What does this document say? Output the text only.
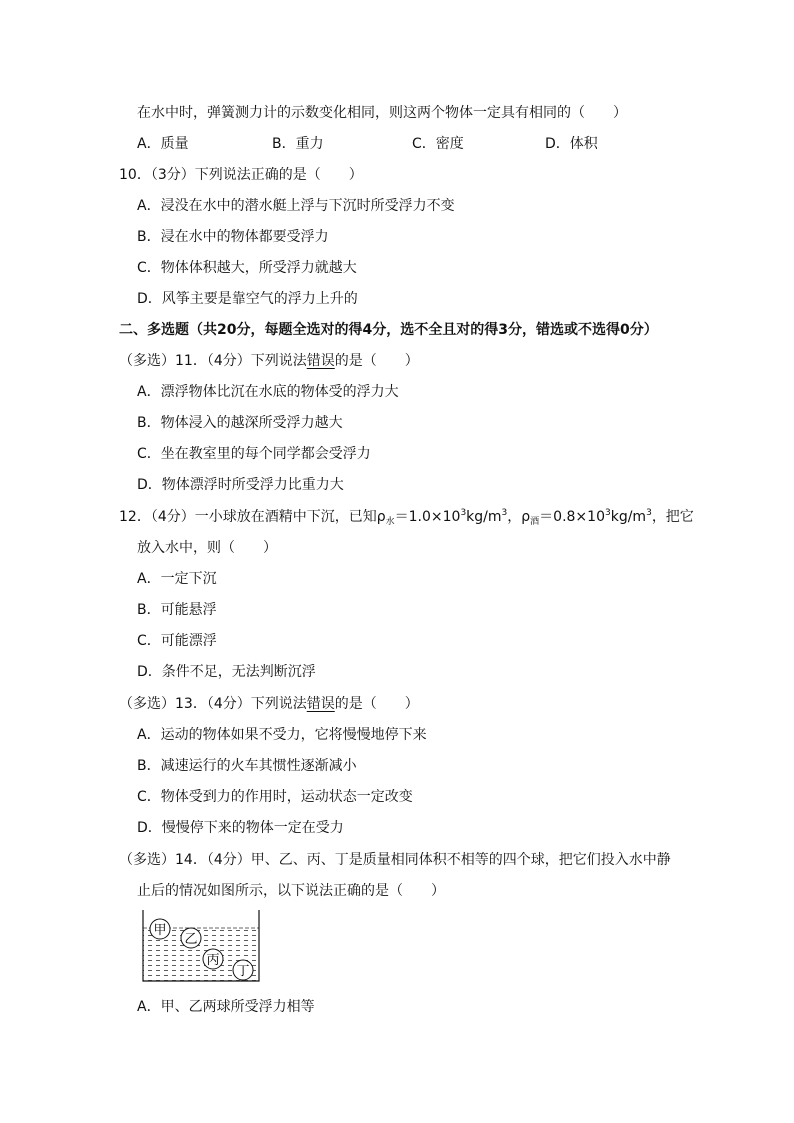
在水中时，弹簧测力计的示数变化相同，则这两个物体一定具有相同的（　　）
A．质量	B．重力	C．密度	D．体积
10．（3分）下列说法正确的是（　　）
A．浸没在水中的潜水艇上浮与下沉时所受浮力不变
B．浸在水中的物体都要受浮力
C．物体体积越大，所受浮力就越大
D．风筝主要是靠空气的浮力上升的
二、多选题（共20分，每题全选对的得4分，选不全且对的得3分，错选或不选得0分）
（多选）11．（4分）下列说法错误的是（　　）
A．漂浮物体比沉在水底的物体受的浮力大
B．物体浸入的越深所受浮力越大
C．坐在教室里的每个同学都会受浮力
D．物体漂浮时所受浮力比重力大
12．（4分）一小球放在酒精中下沉，已知$\rho_水=1.0\times 10^3kg/m^3$，$\rho_酒=0.8\times 10^3kg/m^3$，把它
放入水中，则（　　）
A．一定下沉
B．可能悬浮
C．可能漂浮
D．条件不足，无法判断沉浮
（多选）13．（4分）下列说法错误的是（　　）
A．运动的物体如果不受力，它将慢慢地停下来
B．减速运行的火车其惯性逐渐减小
C．物体受到力的作用时，运动状态一定改变
D．慢慢停下来的物体一定在受力
（多选）14．（4分）甲、乙、丙、丁是质量相同体积不相等的四个球，把它们投入水中静
止后的情况如图所示，以下说法正确的是（　　）
甲
乙
丙
丁
A．甲、乙两球所受浮力相等
